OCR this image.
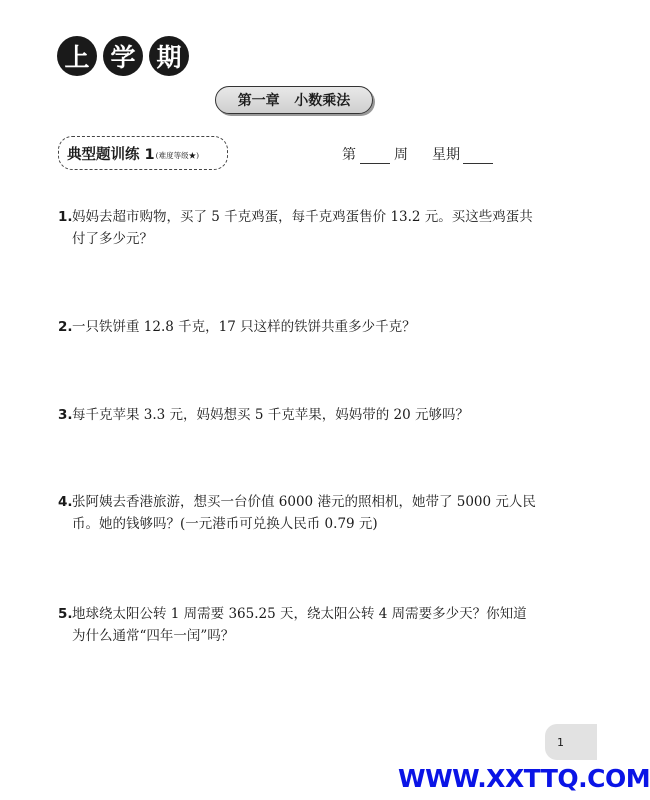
上 学 期
第一章   小数乘法
典型题训练 1 (难度等级★)	第	周 星期
1. 妈妈去超市购物，买了 5 千克鸡蛋，每千克鸡蛋售价 13.2 元。买这些鸡蛋共付了多少元？
2. 一只铁饼重 12.8 千克，17 只这样的铁饼共重多少千克？
3. 每千克苹果 3.3 元，妈妈想买 5 千克苹果，妈妈带的 20 元够吗？
4. 张阿姨去香港旅游，想买一台价值 6000 港元的照相机，她带了 5000 元人民币。她的钱够吗？(一元港币可兑换人民币 0.79 元)
5. 地球绕太阳公转 1 周需要 365.25 天，绕太阳公转 4 周需要多少天？你知道为什么通常“四年一闰”吗？
1
WWW.XXTTQ.COM
